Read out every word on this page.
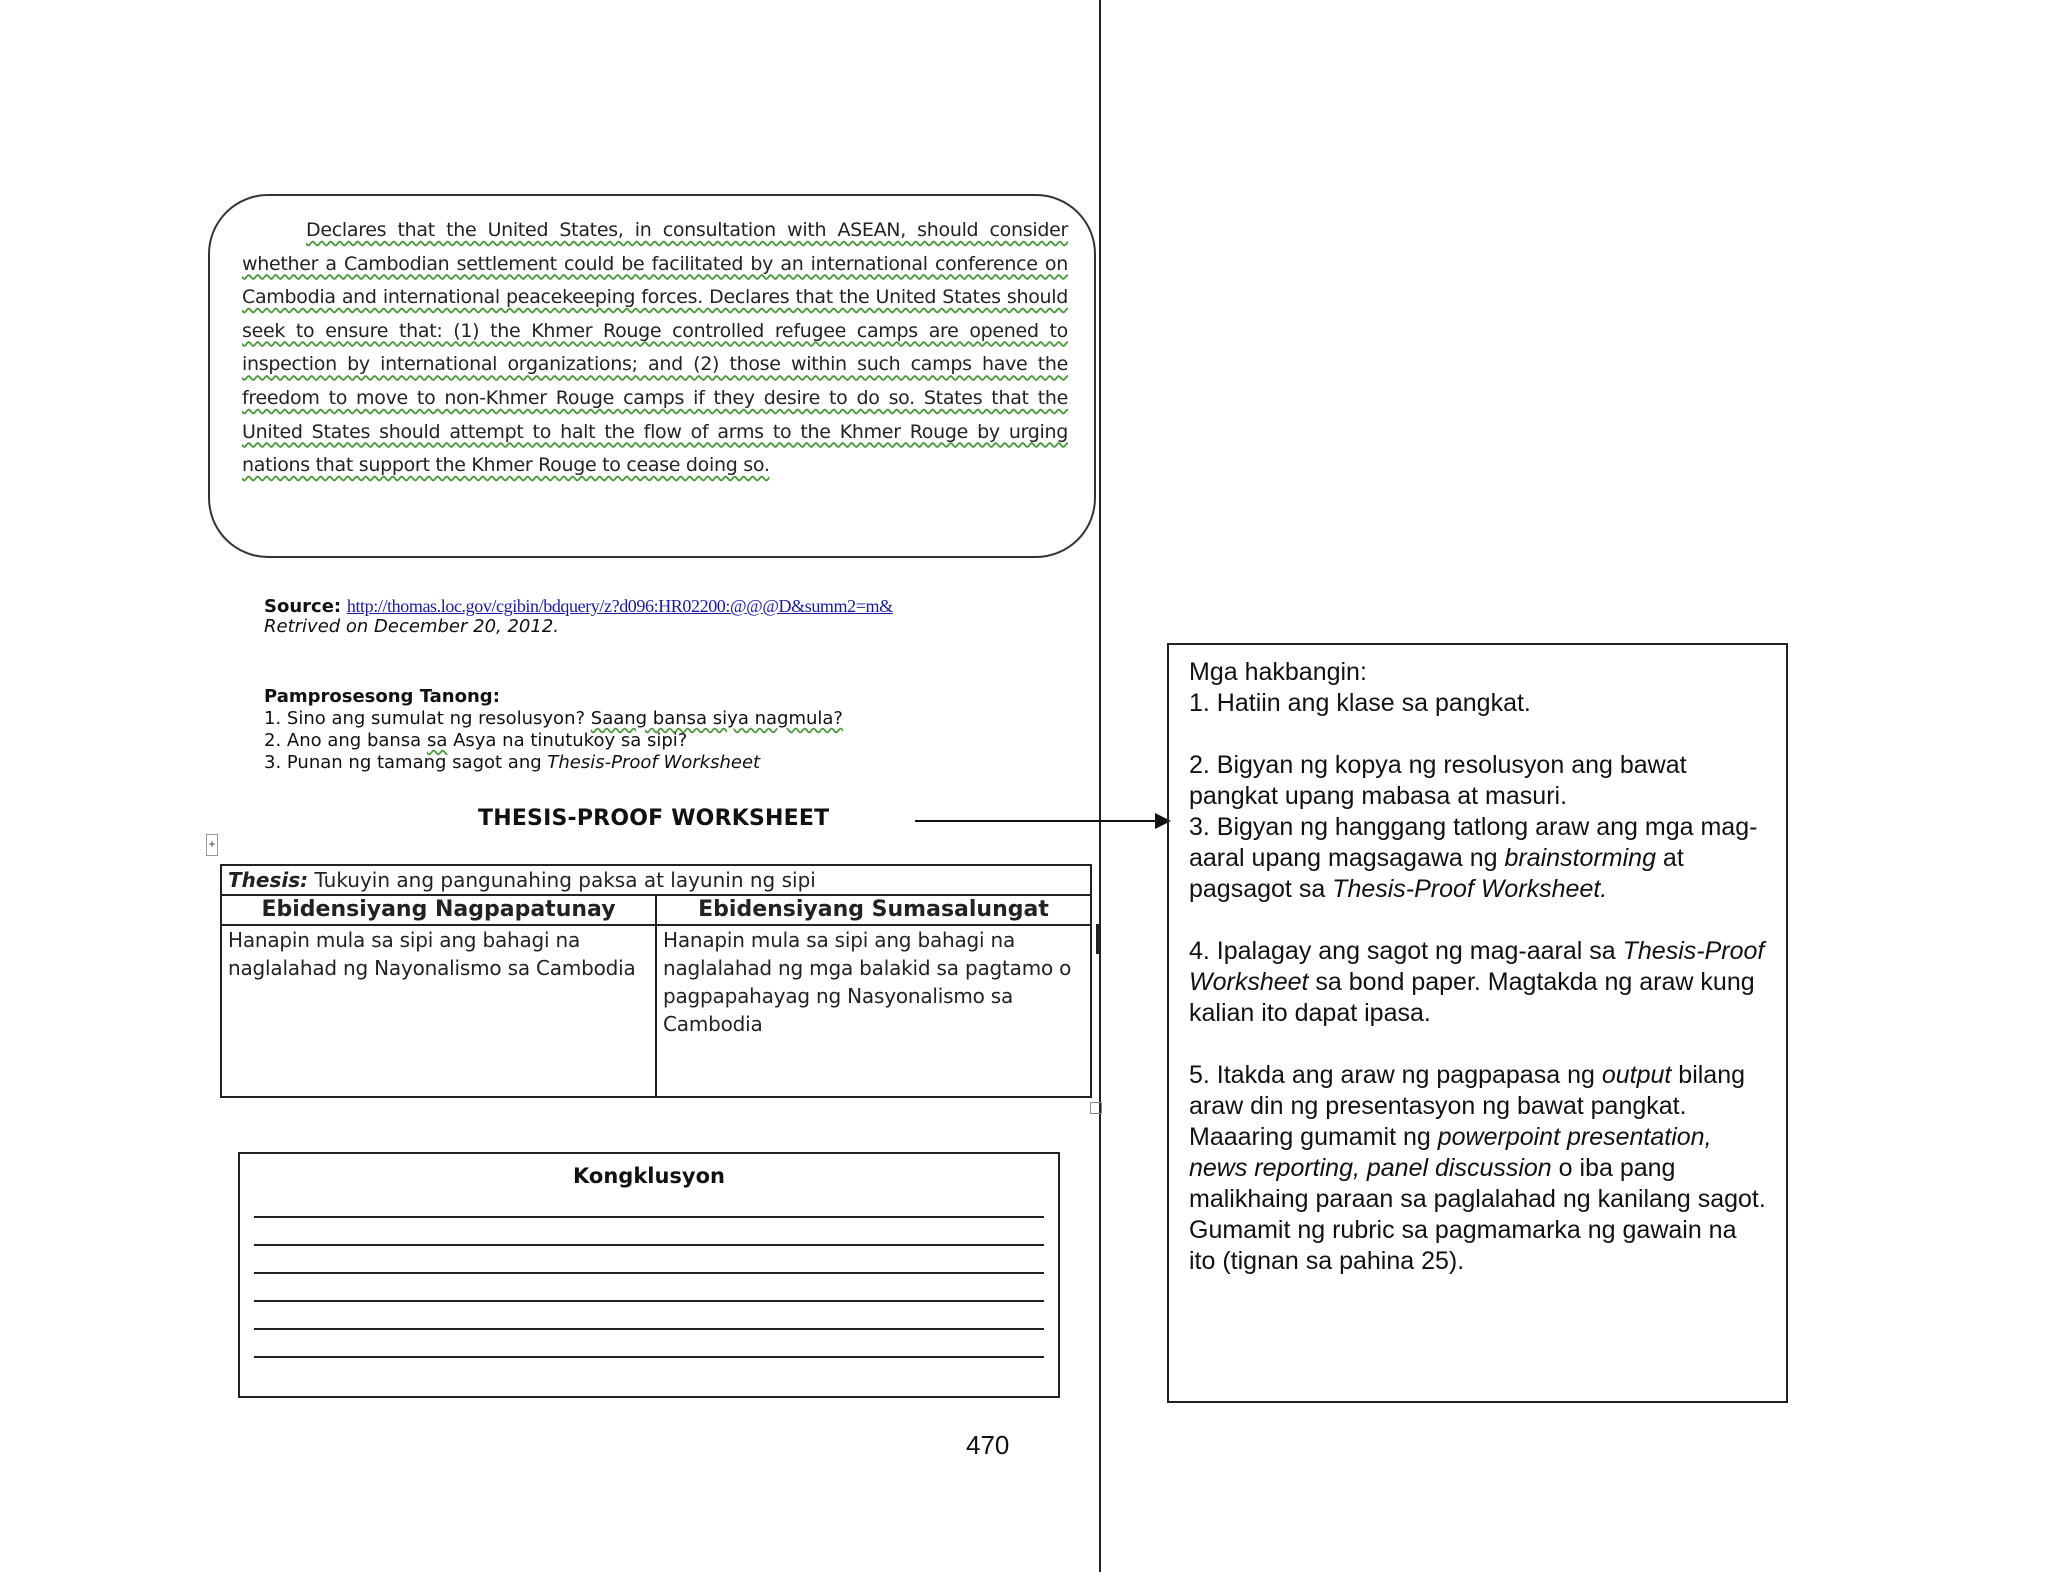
Declares that the United States, in consultation with ASEAN, should consider whether a Cambodian settlement could be facilitated by an international conference on Cambodia and international peacekeeping forces. Declares that the United States should seek to ensure that: (1) the Khmer Rouge controlled refugee camps are opened to inspection by international organizations; and (2) those within such camps have the freedom to move to non-Khmer Rouge camps if they desire to do so. States that the United States should attempt to halt the flow of arms to the Khmer Rouge by urging nations that support the Khmer Rouge to cease doing so.
Source: http://thomas.loc.gov/cgibin/bdquery/z?d096:HR02200:@@@D&summ2=m&
Retrived on December 20, 2012.
Pamprosesong Tanong:
1. Sino ang sumulat ng resolusyon? Saang bansa siya nagmula?
2. Ano ang bansa sa Asya na tinutukoy sa sipi?
3. Punan ng tamang sagot ang Thesis-Proof Worksheet
THESIS-PROOF WORKSHEET
+
Thesis: Tukuyin ang pangunahing paksa at layunin ng sipi	
Ebidensiyang Nagpapatunay	Ebidensiyang Sumasalungat
Hanapin mula sa sipi ang bahagi na naglalahad ng Nayonalismo sa Cambodia	Hanapin mula sa sipi ang bahagi na naglalahad ng mga balakid sa pagtamo o pagpapahayag ng Nasyonalismo sa Cambodia
Kongklusyon
470

Mga hakbangin:

1. Hatiin ang klase sa pangkat.

2. Bigyan ng kopya ng resolusyon ang bawat pangkat upang mabasa at masuri.

3. Bigyan ng hanggang tatlong araw ang mga mag-aaral upang magsagawa ng brainstorming at pagsagot sa Thesis-Proof Worksheet.

4. Ipalagay ang sagot ng mag-aaral sa Thesis-Proof Worksheet sa bond paper. Magtakda ng araw kung kalian ito dapat ipasa.

5. Itakda ang araw ng pagpapasa ng output bilang araw din ng presentasyon ng bawat pangkat. Maaaring gumamit ng powerpoint presentation, news reporting, panel discussion o iba pang malikhaing paraan sa paglalahad ng kanilang sagot. Gumamit ng rubric sa pagmamarka ng gawain na ito (tignan sa pahina 25).
